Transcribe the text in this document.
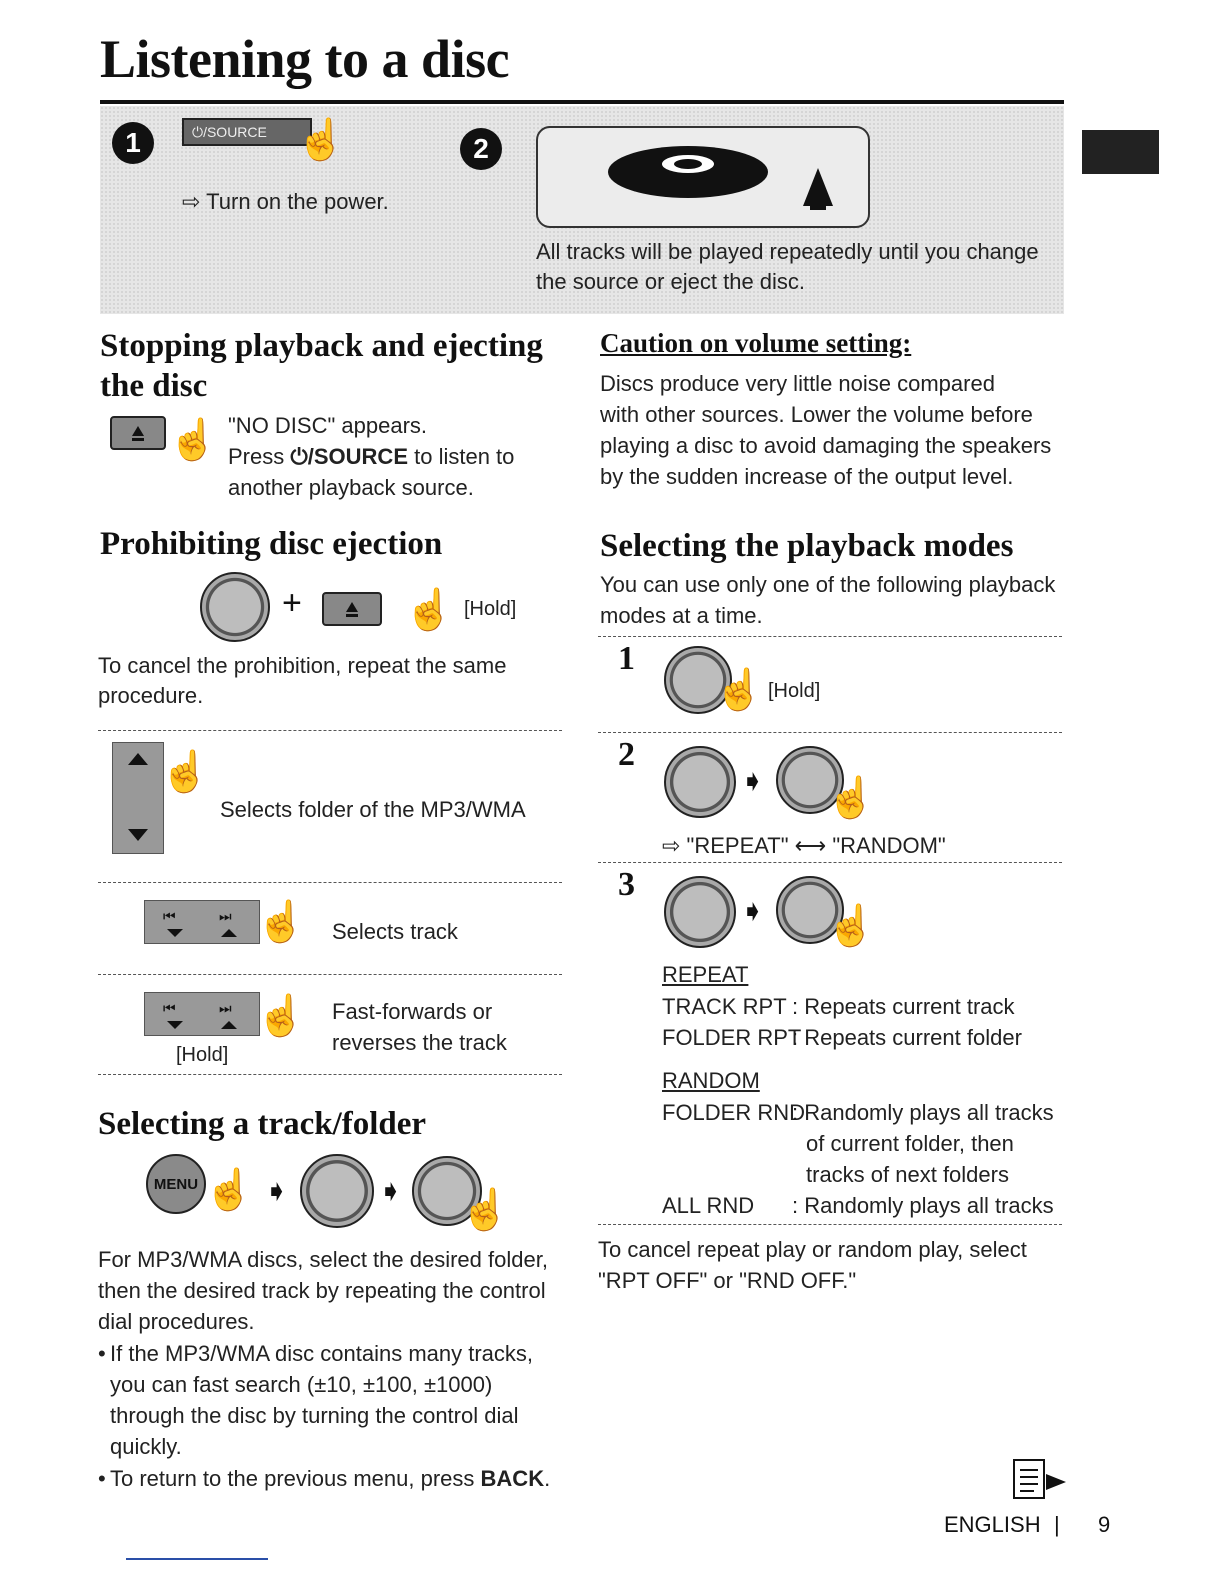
Listening to a disc
1	⏻/SOURCE ☝
⇨ Turn on the power.
2
All tracks will be played repeatedly until you change
the source or eject the disc.
Stopping playback and ejecting
the disc
☝ "NO DISC" appears.
Press ⏻/SOURCE to listen to
another playback source.
Prohibiting disc ejection
+	☝ [Hold]
To cancel the prohibition, repeat the same
procedure.
☝
Selects folder of the MP3/WMA
⏮	⏭ ☝ Selects track
⏮	⏭ ☝
[Hold]
Fast-forwards or
reverses the track
Selecting a track/folder
MENU ☝ ➧	➧ ☝
For MP3/WMA discs, select the desired folder,
then the desired track by repeating the control
dial procedures.
• If the MP3/WMA disc contains many tracks,
you can fast search (±10, ±100, ±1000)
through the disc by turning the control dial
quickly.
• To return to the previous menu, press BACK.
Caution on volume setting:
Discs produce very little noise compared
with other sources. Lower the volume before
playing a disc to avoid damaging the speakers
by the sudden increase of the output level.
Selecting the playback modes
You can use only one of the following playback
modes at a time.
1
☝ [Hold]
2
➧ ☝
⇨ "REPEAT" ⟷ "RANDOM"
3
➧ ☝
REPEAT
TRACK RPT : Repeats current track
FOLDER RPT
: Repeats current folder
RANDOM
FOLDER RND
: Randomly plays all tracks
of current folder, then
tracks of next folders
ALL RND : Randomly plays all tracks
To cancel repeat play or random play, select
"RPT OFF" or "RND OFF."
ENGLISH | 9
